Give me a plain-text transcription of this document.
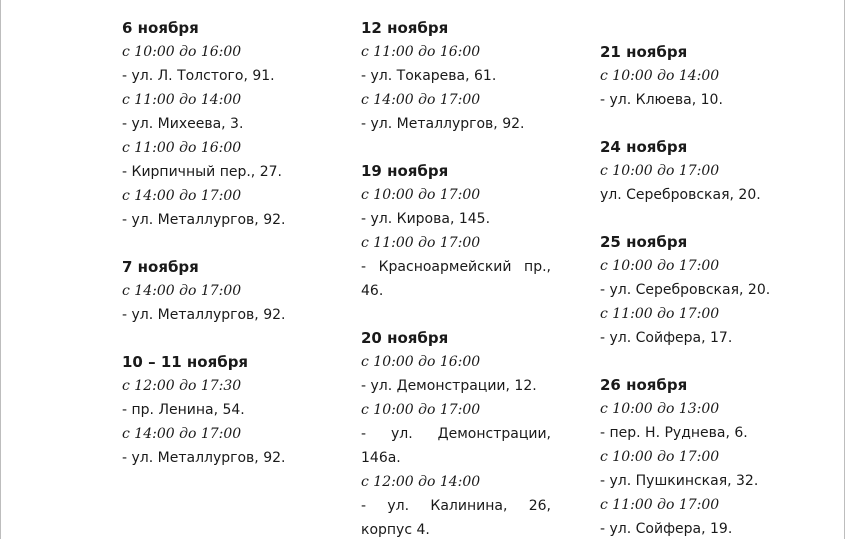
6 ноября
с 10:00 до 16:00
- ул. Л. Толстого, 91.
с 11:00 до 14:00
- ул. Михеева, 3.
с 11:00 до 16:00
- Кирпичный пер., 27.
с 14:00 до 17:00
- ул. Металлургов, 92.
7 ноября
с 14:00 до 17:00
- ул. Металлургов, 92.
10 – 11 ноября
с 12:00 до 17:30
- пр. Ленина, 54.
с 14:00 до 17:00
- ул. Металлургов, 92.
12 ноября
с 11:00 до 16:00
- ул. Токарева, 61.
с 14:00 до 17:00
- ул. Металлургов, 92.
19 ноября
с 10:00 до 17:00
- ул. Кирова, 145.
с 11:00 до 17:00
- Красноармейский пр., 46.
20 ноября
с 10:00 до 16:00
- ул. Демонстрации, 12.
с 10:00 до 17:00
- ул. Демонстрации, 146а.
с 12:00 до 14:00
- ул. Калинина, 26, корпус 4.
21 ноября
с 10:00 до 14:00
- ул. Клюева, 10.
24 ноября
с 10:00 до 17:00
ул. Серебровская, 20.
25 ноября
с 10:00 до 17:00
- ул. Серебровская, 20.
с 11:00 до 17:00
- ул. Сойфера, 17.
26 ноября
с 10:00 до 13:00
- пер. Н. Руднева, 6.
с 10:00 до 17:00
- ул. Пушкинская, 32.
с 11:00 до 17:00
- ул. Сойфера, 19.
